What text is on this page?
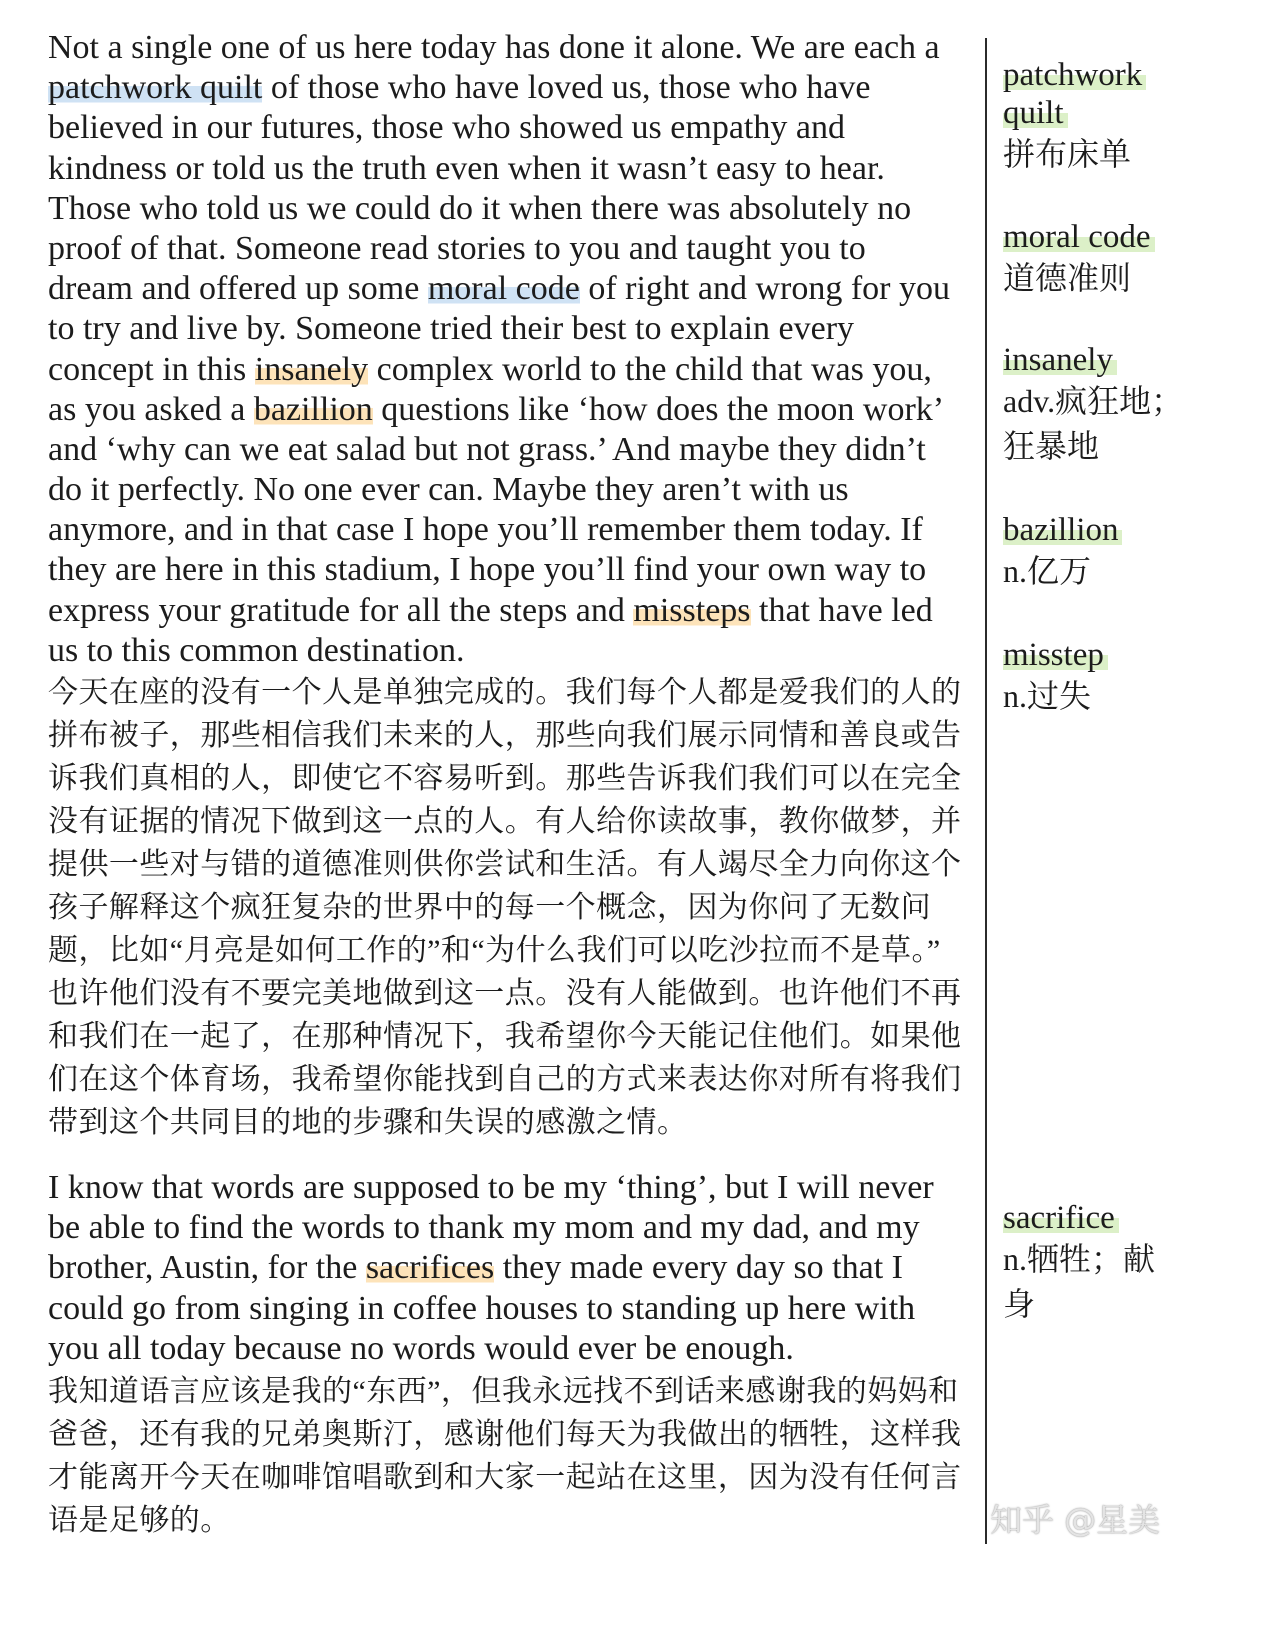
Not a single one of us here today has done it alone. We are each a
patchwork quilt of those who have loved us, those who have
believed in our futures, those who showed us empathy and
kindness or told us the truth even when it wasn’t easy to hear.
Those who told us we could do it when there was absolutely no
proof of that. Someone read stories to you and taught you to
dream and offered up some moral code of right and wrong for you
to try and live by. Someone tried their best to explain every
concept in this insanely complex world to the child that was you,
as you asked a bazillion questions like ‘how does the moon work’
and ‘why can we eat salad but not grass.’ And maybe they didn’t
do it perfectly. No one ever can. Maybe they aren’t with us
anymore, and in that case I hope you’ll remember them today. If
they are here in this stadium, I hope you’ll find your own way to
express your gratitude for all the steps and missteps that have led
us to this common destination.
今天在座的没有一个人是单独完成的。我们每个人都是爱我们的人的
拼布被子，那些相信我们未来的人，那些向我们展示同情和善良或告
诉我们真相的人，即使它不容易听到。那些告诉我们我们可以在完全
没有证据的情况下做到这一点的人。有人给你读故事，教你做梦，并
提供一些对与错的道德准则供你尝试和生活。有人竭尽全力向你这个
孩子解释这个疯狂复杂的世界中的每一个概念，因为你问了无数问
题，比如“月亮是如何工作的”和“为什么我们可以吃沙拉而不是草。”
也许他们没有不要完美地做到这一点。没有人能做到。也许他们不再
和我们在一起了，在那种情况下，我希望你今天能记住他们。如果他
们在这个体育场，我希望你能找到自己的方式来表达你对所有将我们
带到这个共同目的地的步骤和失误的感激之情。
I know that words are supposed to be my ‘thing’, but I will never
be able to find the words to thank my mom and my dad, and my
brother, Austin, for the sacrifices they made every day so that I
could go from singing in coffee houses to standing up here with
you all today because no words would ever be enough.
我知道语言应该是我的“东西”，但我永远找不到话来感谢我的妈妈和
爸爸，还有我的兄弟奥斯汀，感谢他们每天为我做出的牺牲，这样我
才能离开今天在咖啡馆唱歌到和大家一起站在这里，因为没有任何言
语是足够的。
patchwork quilt
拼布床单
moral code
道德准则
insanely
adv.疯狂地；
狂暴地
bazillion
n.亿万
misstep
n.过失
sacrifice
n.牺牲；献
身
知乎 @星美
